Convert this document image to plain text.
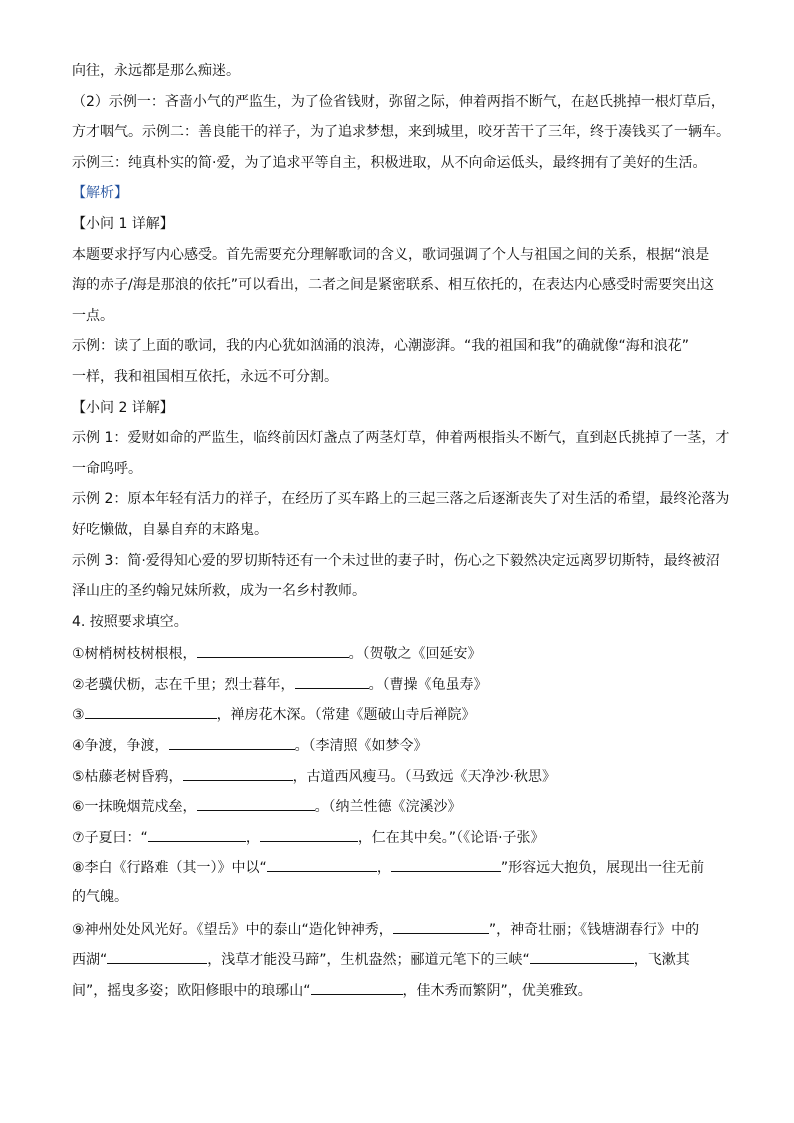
向往，永远都是那么痴迷。
（2）示例一：吝啬小气的严监生，为了俭省钱财，弥留之际，伸着两指不断气，在赵氏挑掉一根灯草后，
方才咽气。示例二：善良能干的祥子，为了追求梦想，来到城里，咬牙苦干了三年，终于凑钱买了一辆车。
示例三：纯真朴实的简·爱，为了追求平等自主，积极进取，从不向命运低头，最终拥有了美好的生活。
【解析】
【小问 1 详解】
本题要求抒写内心感受。首先需要充分理解歌词的含义，歌词强调了个人与祖国之间的关系，根据“浪是
海的赤子/海是那浪的依托”可以看出，二者之间是紧密联系、相互依托的，在表达内心感受时需要突出这
一点。
示例：读了上面的歌词，我的内心犹如汹涌的浪涛，心潮澎湃。“我的祖国和我”的确就像“海和浪花”
一样，我和祖国相互依托，永远不可分割。
【小问 2 详解】
示例 1：爱财如命的严监生，临终前因灯盏点了两茎灯草，伸着两根指头不断气，直到赵氏挑掉了一茎，才
一命呜呼。
示例 2：原本年轻有活力的祥子，在经历了买车路上的三起三落之后逐渐丧失了对生活的希望，最终沦落为
好吃懒做，自暴自弃的末路鬼。
示例 3：简·爱得知心爱的罗切斯特还有一个未过世的妻子时，伤心之下毅然决定远离罗切斯特，最终被沼
泽山庄的圣约翰兄妹所救，成为一名乡村教师。
4. 按照要求填空。
①树梢树枝树根根，	。（贺敬之《回延安》
②老骥伏枥，志在千里；烈士暮年，	。（曹操《龟虽寿》
③	，禅房花木深。（常建《题破山寺后禅院》
④争渡，争渡，	。（李清照《如梦令》
⑤枯藤老树昏鸦，	，古道西风瘦马。（马致远《天净沙·秋思》
⑥一抹晚烟荒戍垒，	。（纳兰性德《浣溪沙》
⑦子夏曰：“	，	，仁在其中矣。”（《论语·子张》
⑧李白《行路难（其一）》中以“	，	”形容远大抱负，展现出一往无前
的气魄。
⑨神州处处风光好。《望岳》中的泰山“造化钟神秀，	”，神奇壮丽；《钱塘湖春行》中的
西湖“	，浅草才能没马蹄”，生机盎然；郦道元笔下的三峡“	，飞漱其
间”，摇曳多姿；欧阳修眼中的琅琊山“	，佳木秀而繁阴”，优美雅致。
